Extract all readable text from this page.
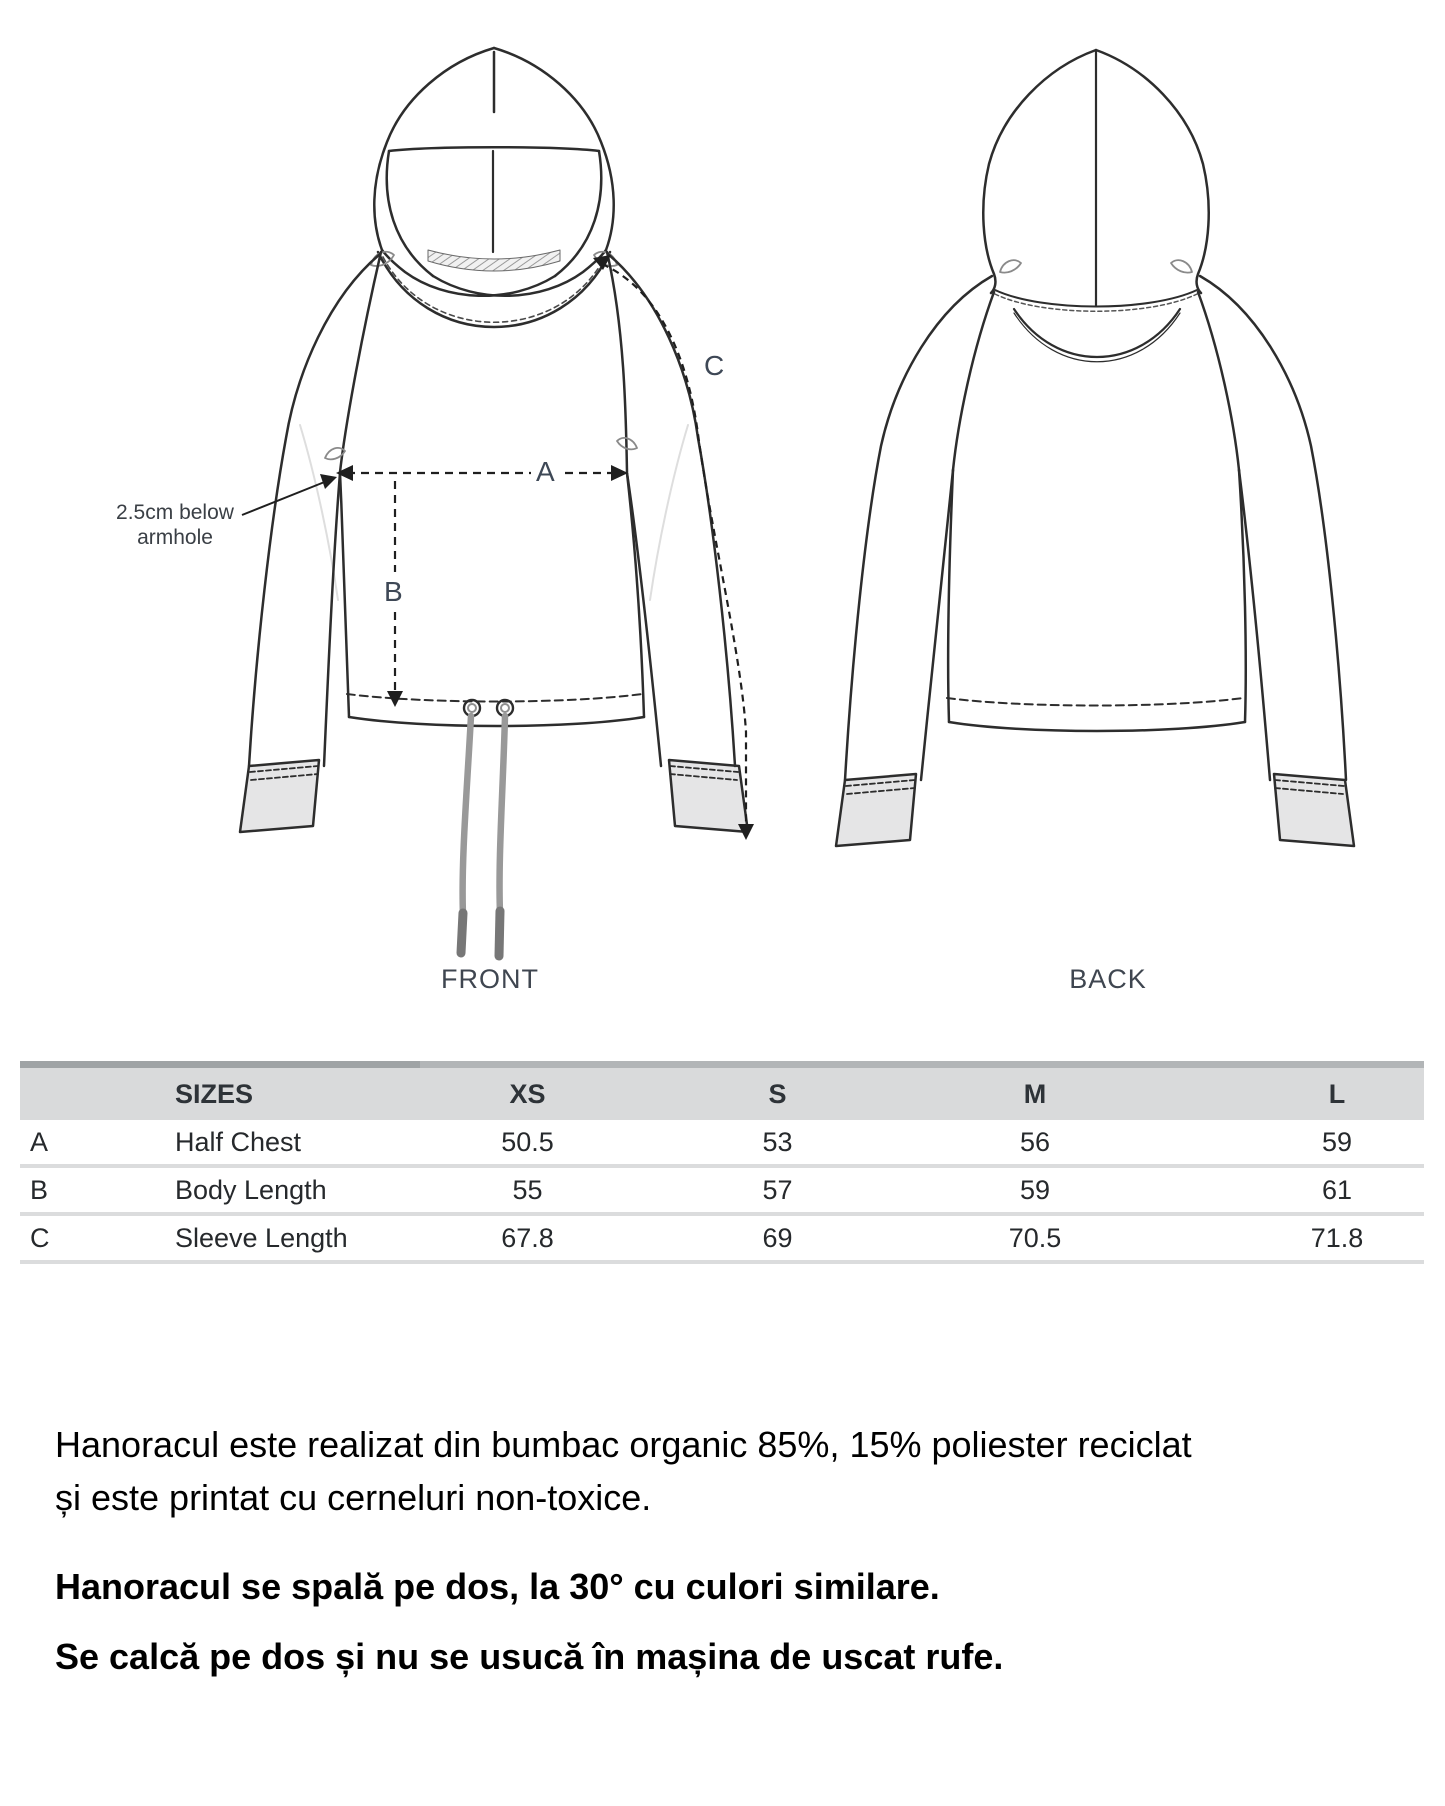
2.5cm below
armhole
A
B
C
FRONT	BACK
SIZES	XS	S	M	L
A	Half Chest	50.5	53	56	59
B	Body Length	55	57	59	61
C	Sleeve Length	67.8	69	70.5	71.8

Hanoracul este realizat din bumbac organic 85%, 15% poliester reciclat și este printat cu cerneluri non-toxice.

Hanoracul se spală pe dos, la 30° cu culori similare.
Se calcă pe dos și nu se usucă în mașina de uscat rufe.
